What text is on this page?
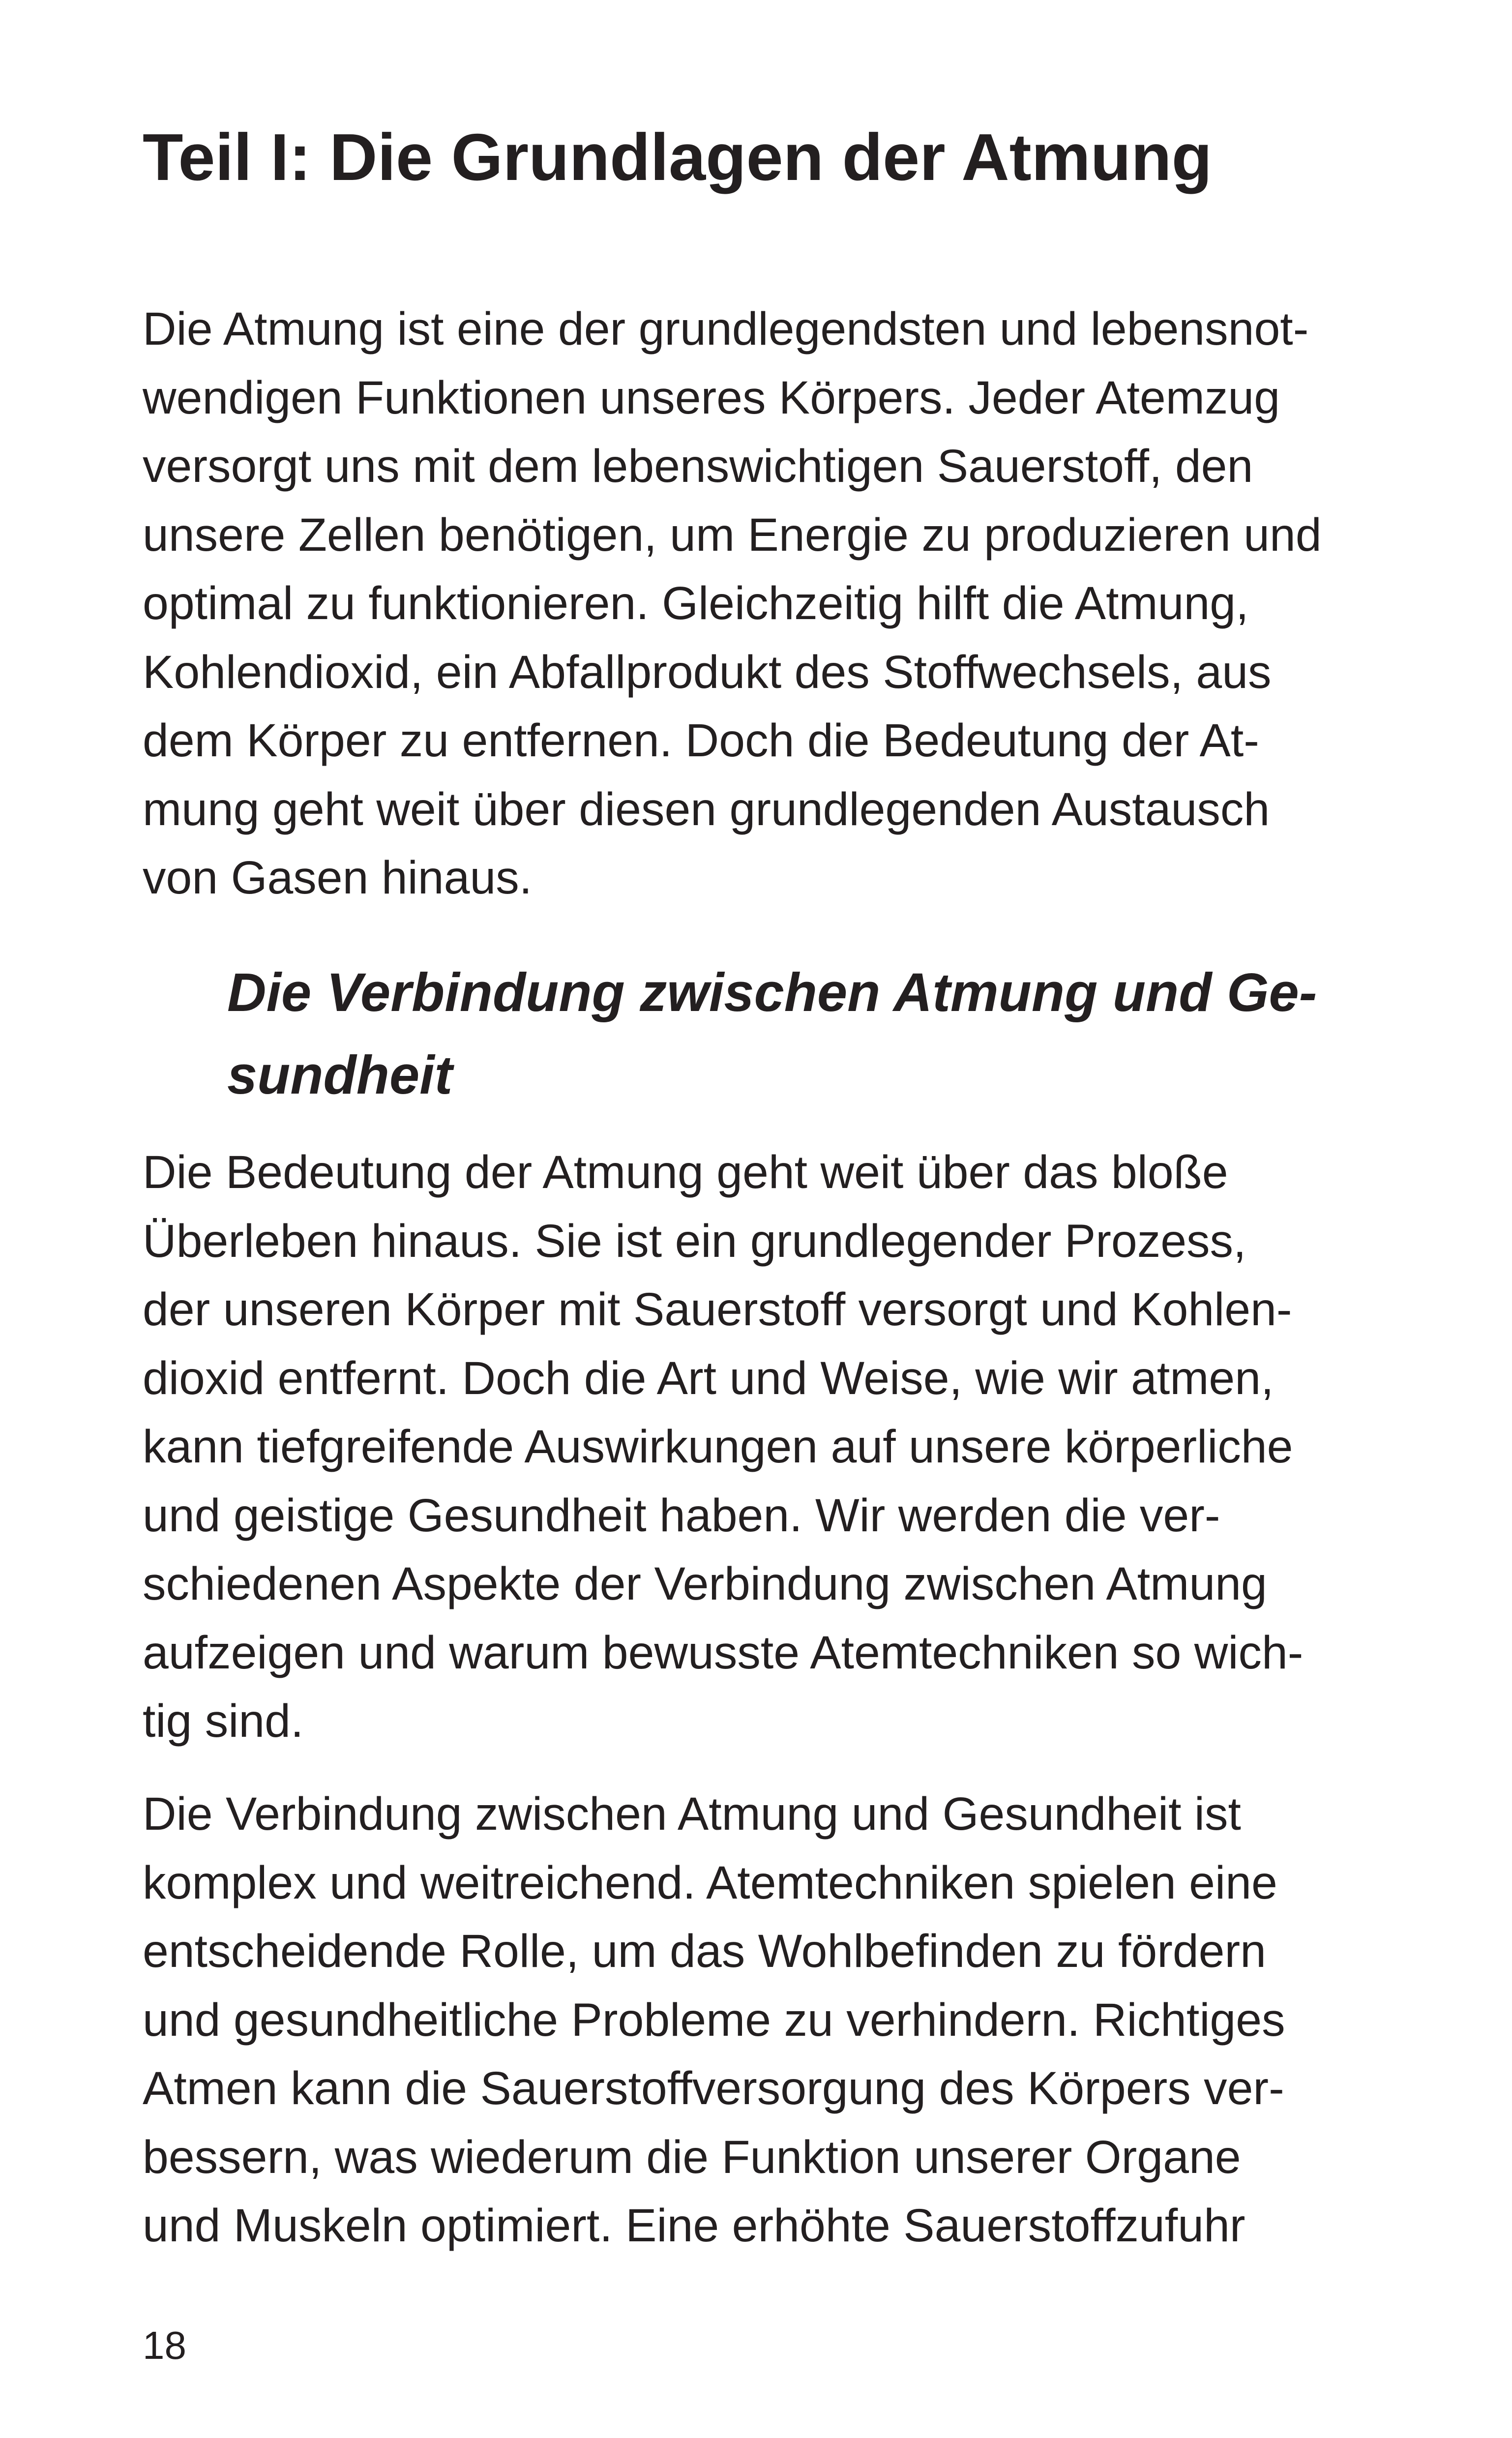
Teil I: Die Grundlagen der Atmung

Die Atmung ist eine der grundlegendsten und lebensnot-
wendigen Funktionen unseres Körpers. Jeder Atemzug
versorgt uns mit dem lebenswichtigen Sauerstoff, den
unsere Zellen benötigen, um Energie zu produzieren und
optimal zu funktionieren. Gleichzeitig hilft die Atmung,
Kohlendioxid, ein Abfallprodukt des Stoffwechsels, aus
dem Körper zu entfernen. Doch die Bedeutung der At-
mung geht weit über diesen grundlegenden Austausch
von Gasen hinaus.

Die Verbindung zwischen Atmung und Ge-
sundheit

Die Bedeutung der Atmung geht weit über das bloße
Überleben hinaus. Sie ist ein grundlegender Prozess,
der unseren Körper mit Sauerstoff versorgt und Kohlen-
dioxid entfernt. Doch die Art und Weise, wie wir atmen,
kann tiefgreifende Auswirkungen auf unsere körperliche
und geistige Gesundheit haben. Wir werden die ver-
schiedenen Aspekte der Verbindung zwischen Atmung
aufzeigen und warum bewusste Atemtechniken so wich-
tig sind.

Die Verbindung zwischen Atmung und Gesundheit ist
komplex und weitreichend. Atemtechniken spielen eine
entscheidende Rolle, um das Wohlbefinden zu fördern
und gesundheitliche Probleme zu verhindern. Richtiges
Atmen kann die Sauerstoffversorgung des Körpers ver-
bessern, was wiederum die Funktion unserer Organe
und Muskeln optimiert. Eine erhöhte Sauerstoffzufuhr

18
